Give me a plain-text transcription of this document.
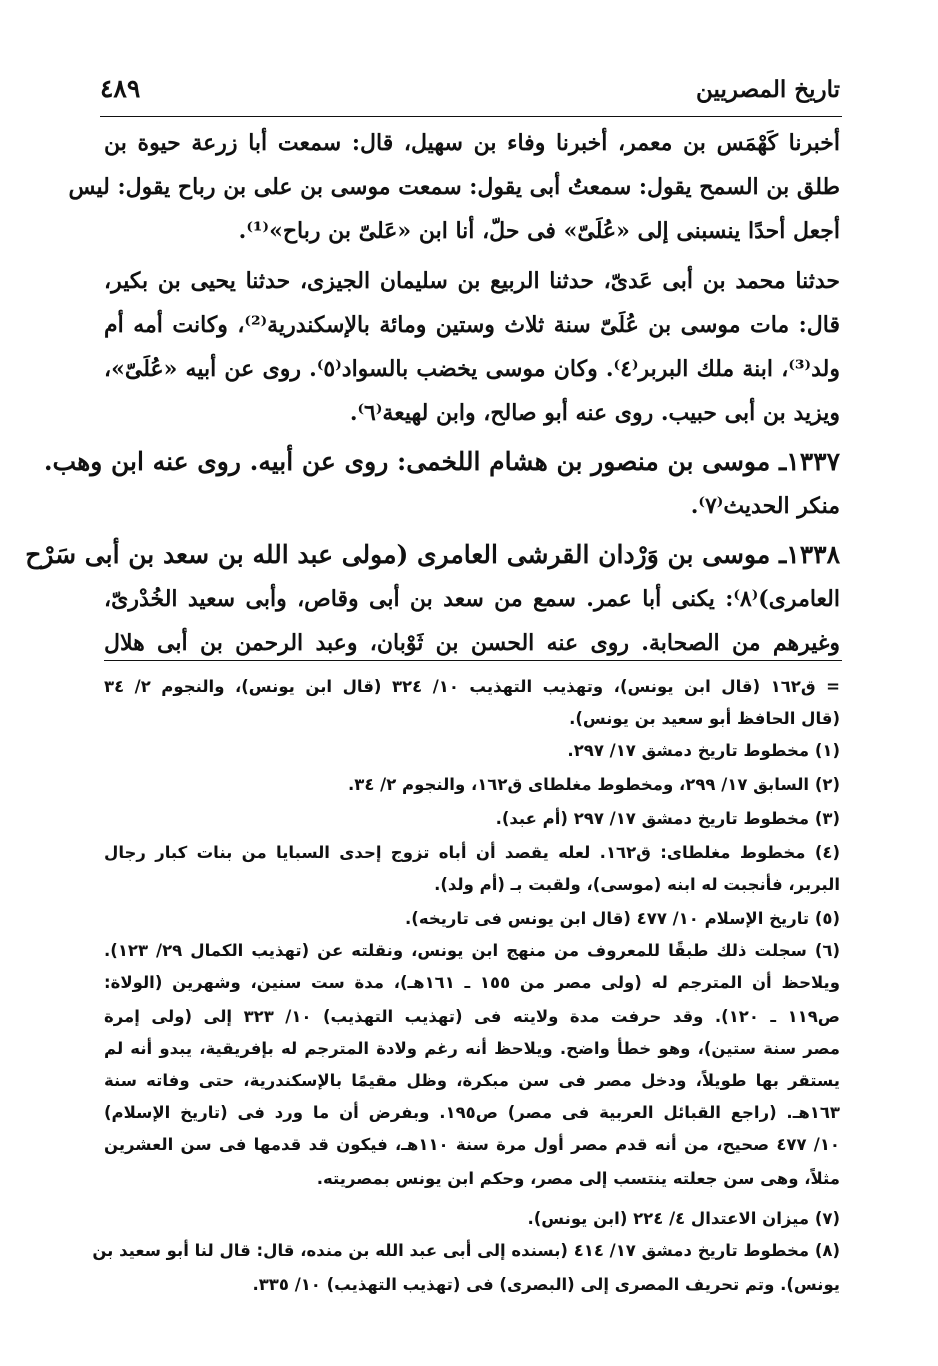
تاريخ المصريين
٤٨٩
أخبرنا كَهْمَس بن معمر، أخبرنا وفاء بن سهيل، قال: سمعت أبا زرعة حيوة بن
طلق بن السمح يقول: سمعتُ أبى يقول: سمعت موسى بن على بن رباح يقول: ليس
أجعل أحدًا ينسبنى إلى «عُلَىّ» فى حلّ، أنا ابن «عَلىّ بن رباح»⁽¹⁾.
حدثنا محمد بن أبى عَدىّ، حدثنا الربيع بن سليمان الجيزى، حدثنا يحيى بن بكير،
قال: مات موسى بن عُلَىّ سنة ثلاث وستين ومائة بالإسكندرية⁽²⁾، وكانت أمه أم
ولد⁽³⁾، ابنة ملك البربر⁽٤⁾. وكان موسى يخضب بالسواد⁽٥⁾. روى عن أبيه «عُلَىّ»،
ويزيد بن أبى حبيب. روى عنه أبو صالح، وابن لهيعة⁽٦⁾.
١٣٣٧ـ موسى بن منصور بن هشام اللخمى: روى عن أبيه. روى عنه ابن وهب.
منكر الحديث⁽٧⁾.
١٣٣٨ـ موسى بن وَرْدان القرشى العامرى (مولى عبد الله بن سعد بن أبى سَرْح
العامرى)⁽٨⁾: يكنى أبا عمر. سمع من سعد بن أبى وقاص، وأبى سعيد الخُدْرىّ،
وغيرهم من الصحابة. روى عنه الحسن بن ثَوْبان، وعبد الرحمن بن أبى هلال
= ق١٦٢ (قال ابن يونس)، وتهذيب التهذيب ١٠/ ٣٢٤ (قال ابن يونس)، والنجوم ٢/ ٣٤
(قال الحافظ أبو سعيد بن يونس).
(١) مخطوط تاريخ دمشق ١٧/ ٢٩٧.
(٢) السابق ١٧/ ٢٩٩، ومخطوط مغلطاى ق١٦٢، والنجوم ٢/ ٣٤.
(٣) مخطوط تاريخ دمشق ١٧/ ٢٩٧ (أم عبد).
(٤) مخطوط مغلطاى: ق١٦٢. لعله يقصد أن أباه تزوج إحدى السبايا من بنات كبار رجال
البربر، فأنجبت له ابنه (موسى)، ولقبت بـ (أم ولد).
(٥) تاريخ الإسلام ١٠/ ٤٧٧ (قال ابن يونس فى تاريخه).
(٦) سجلت ذلك طبقًا للمعروف من منهج ابن يونس، ونقلته عن (تهذيب الكمال ٢٩/ ١٢٣).
ويلاحظ أن المترجم له (ولى مصر من ١٥٥ ـ ١٦١هـ)، مدة ست سنين، وشهرين (الولاة:
ص١١٩ ـ ١٢٠). وقد حرفت مدة ولايته فى (تهذيب التهذيب) ١٠/ ٣٢٣ إلى (ولى إمرة
مصر سنة ستين)، وهو خطأ واضح. ويلاحظ أنه رغم ولادة المترجم له بإفريقية، يبدو أنه لم
يستقر بها طويلاً، ودخل مصر فى سن مبكرة، وظل مقيمًا بالإسكندرية، حتى وفاته سنة
١٦٣هـ. (راجع القبائل العربية فى مصر) ص١٩٥. وبفرض أن ما ورد فى (تاريخ الإسلام)
١٠/ ٤٧٧ صحيح، من أنه قدم مصر أول مرة سنة ١١٠هـ، فيكون قد قدمها فى سن العشرين
مثلاً، وهى سن جعلته ينتسب إلى مصر، وحكم ابن يونس بمصريته.
(٧) ميزان الاعتدال ٤/ ٢٢٤ (ابن يونس).
(٨) مخطوط تاريخ دمشق ١٧/ ٤١٤ (بسنده إلى أبى عبد الله بن منده، قال: قال لنا أبو سعيد بن
يونس). وتم تحريف المصرى إلى (البصرى) فى (تهذيب التهذيب) ١٠/ ٣٣٥.
